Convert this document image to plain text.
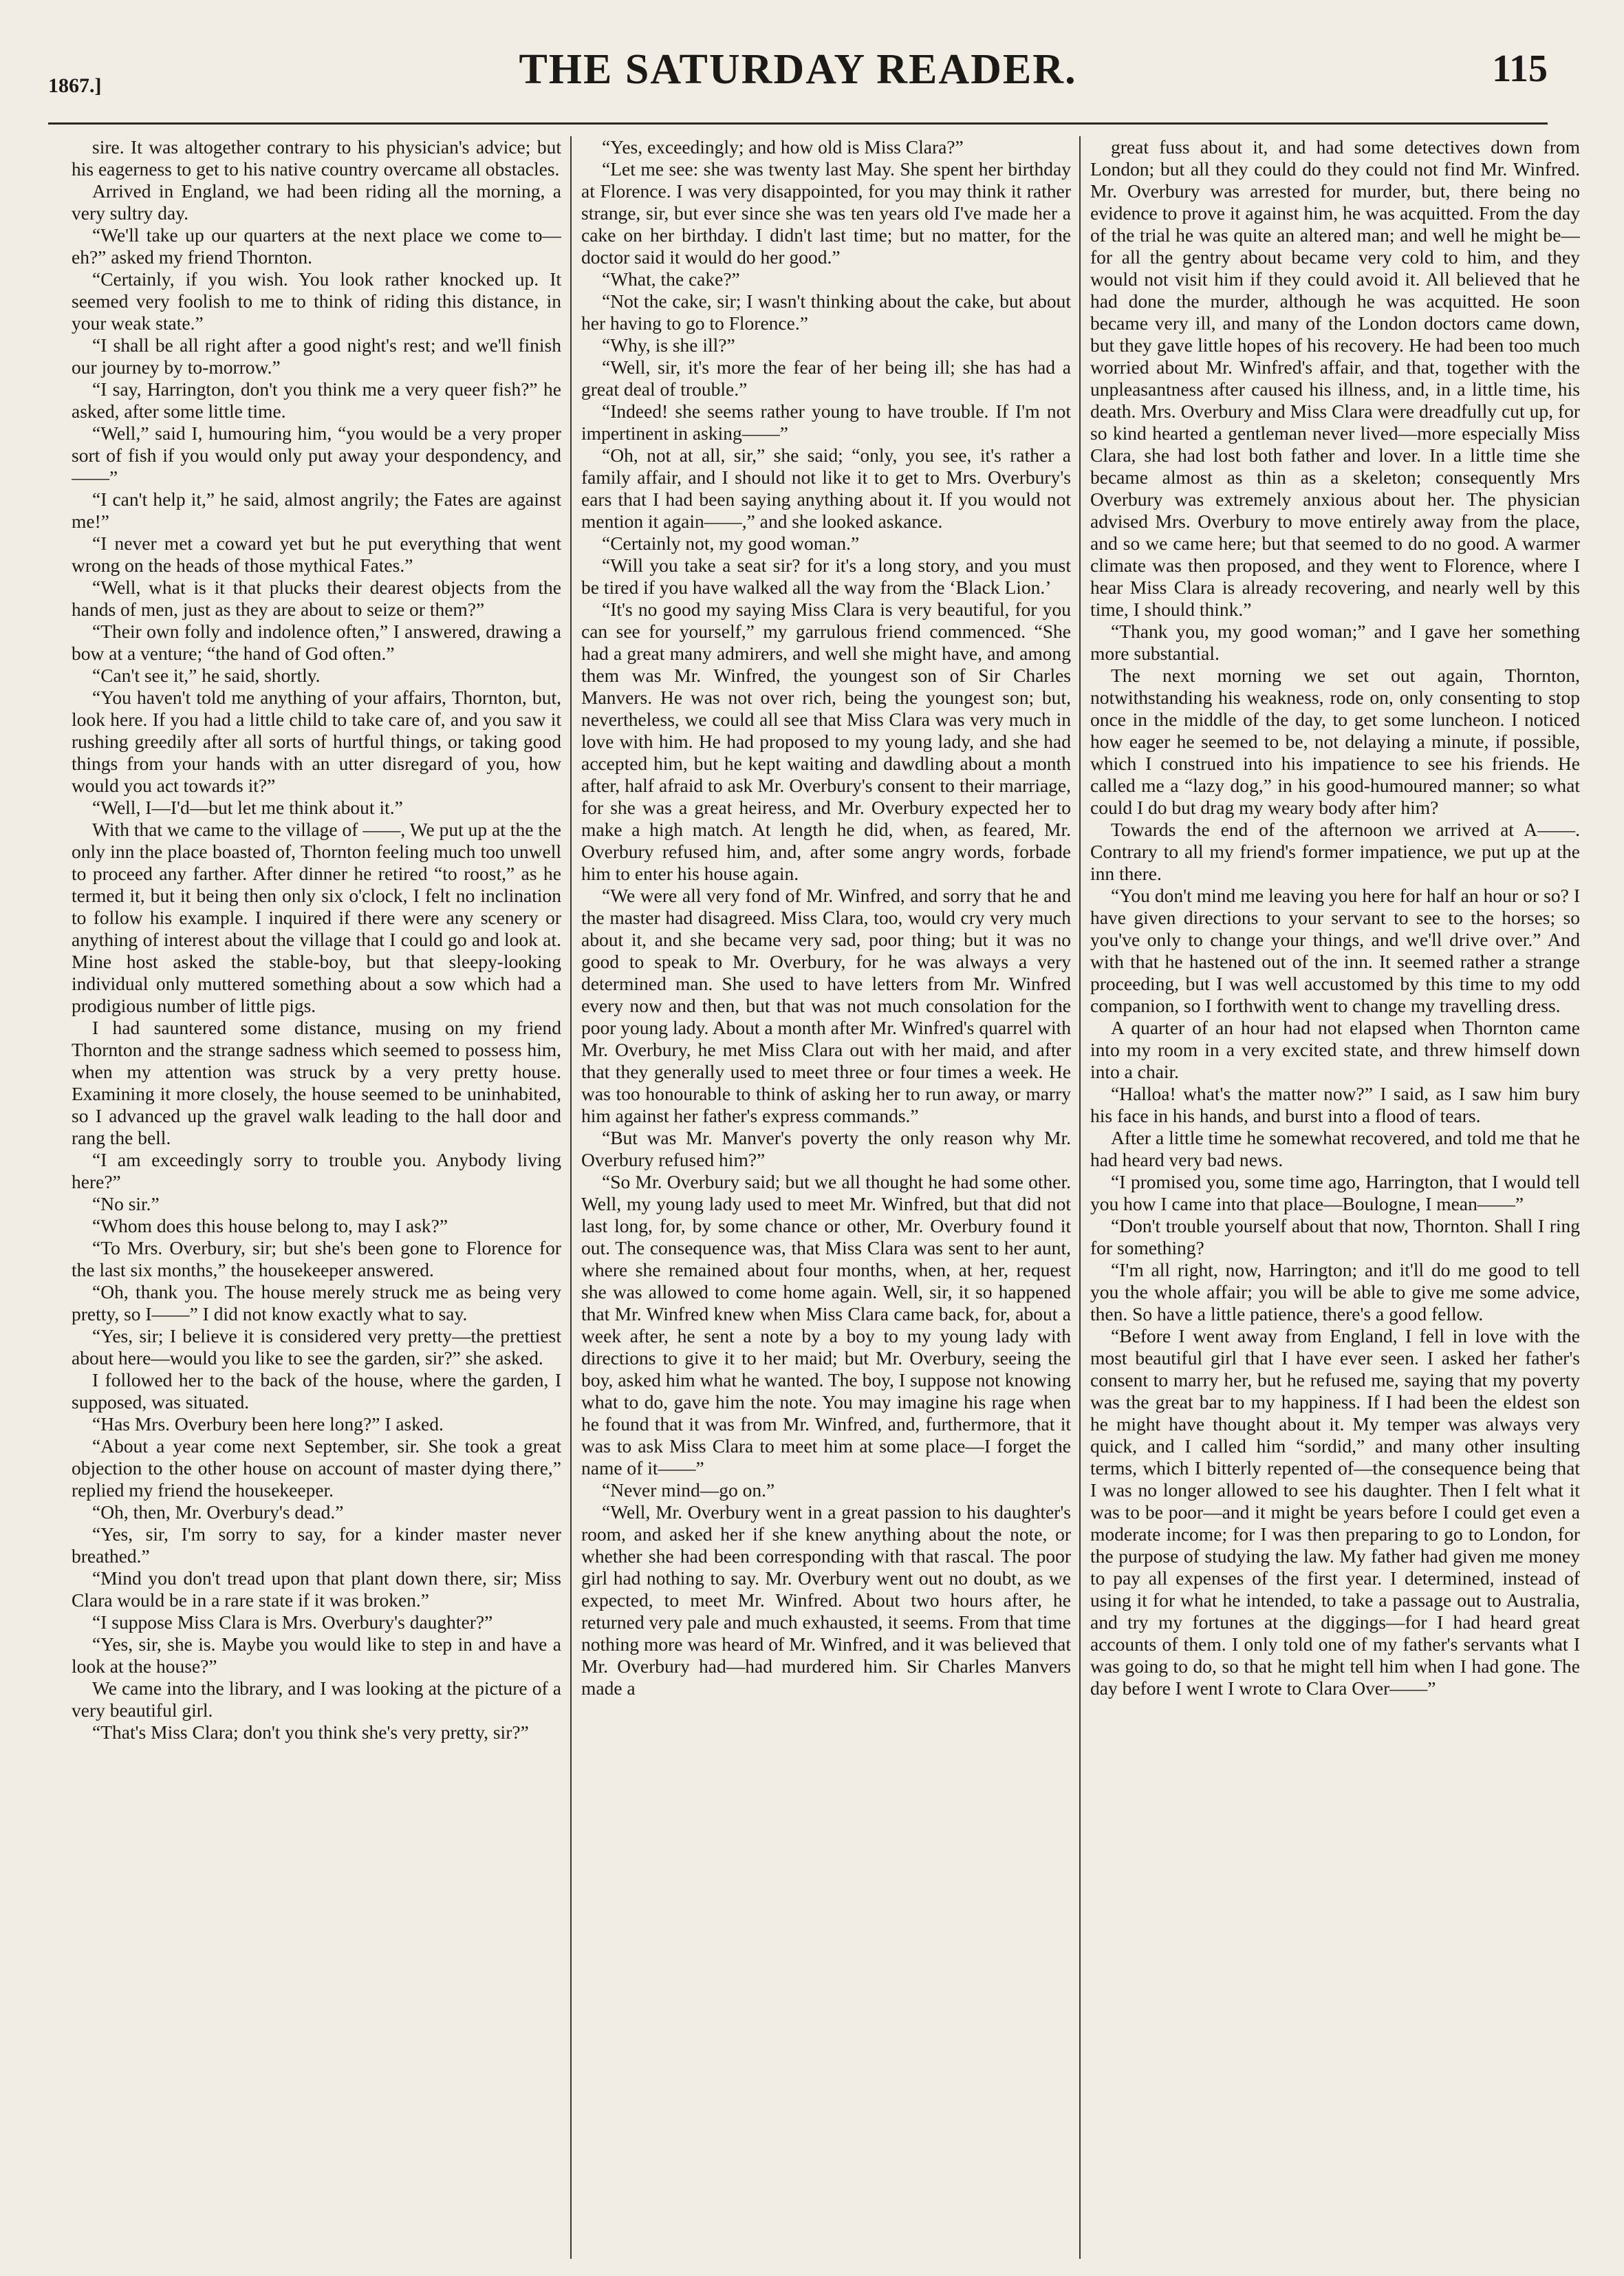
1867.]	THE SATURDAY READER.	115

sire. It was altogether contrary to his physician's advice; but his eagerness to get to his native country overcame all obstacles.

Arrived in England, we had been riding all the morning, a very sultry day.

“We'll take up our quarters at the next place we come to—eh?” asked my friend Thornton.

“Certainly, if you wish. You look rather knocked up. It seemed very foolish to me to think of riding this distance, in your weak state.”

“I shall be all right after a good night's rest; and we'll finish our journey by to-morrow.”

“I say, Harrington, don't you think me a very queer fish?” he asked, after some little time.

“Well,” said I, humouring him, “you would be a very proper sort of fish if you would only put away your despondency, and——”

“I can't help it,” he said, almost angrily; the Fates are against me!”

“I never met a coward yet but he put everything that went wrong on the heads of those mythical Fates.”

“Well, what is it that plucks their dearest objects from the hands of men, just as they are about to seize or them?”

“Their own folly and indolence often,” I answered, drawing a bow at a venture; “the hand of God often.”

“Can't see it,” he said, shortly.

“You haven't told me anything of your affairs, Thornton, but, look here. If you had a little child to take care of, and you saw it rushing greedily after all sorts of hurtful things, or taking good things from your hands with an utter disregard of you, how would you act towards it?”

“Well, I—I'd—but let me think about it.”

With that we came to the village of ——, We put up at the the only inn the place boasted of, Thornton feeling much too unwell to proceed any farther. After dinner he retired “to roost,” as he termed it, but it being then only six o'clock, I felt no inclination to follow his example. I inquired if there were any scenery or anything of interest about the village that I could go and look at. Mine host asked the stable-boy, but that sleepy-looking individual only muttered something about a sow which had a prodigious number of little pigs.

I had sauntered some distance, musing on my friend Thornton and the strange sadness which seemed to possess him, when my attention was struck by a very pretty house. Examining it more closely, the house seemed to be uninhabited, so I advanced up the gravel walk leading to the hall door and rang the bell.

“I am exceedingly sorry to trouble you. Anybody living here?”

“No sir.”

“Whom does this house belong to, may I ask?”

“To Mrs. Overbury, sir; but she's been gone to Florence for the last six months,” the housekeeper answered.

“Oh, thank you. The house merely struck me as being very pretty, so I——” I did not know exactly what to say.

“Yes, sir; I believe it is considered very pretty—the prettiest about here—would you like to see the garden, sir?” she asked.

I followed her to the back of the house, where the garden, I supposed, was situated.

“Has Mrs. Overbury been here long?” I asked.

“About a year come next September, sir. She took a great objection to the other house on account of master dying there,” replied my friend the housekeeper.

“Oh, then, Mr. Overbury's dead.”

“Yes, sir, I'm sorry to say, for a kinder master never breathed.”

“Mind you don't tread upon that plant down there, sir; Miss Clara would be in a rare state if it was broken.”

“I suppose Miss Clara is Mrs. Overbury's daughter?”

“Yes, sir, she is. Maybe you would like to step in and have a look at the house?”

We came into the library, and I was looking at the picture of a very beautiful girl.

“That's Miss Clara; don't you think she's very pretty, sir?”

“Yes, exceedingly; and how old is Miss Clara?”

“Let me see: she was twenty last May. She spent her birthday at Florence. I was very disappointed, for you may think it rather strange, sir, but ever since she was ten years old I've made her a cake on her birthday. I didn't last time; but no matter, for the doctor said it would do her good.”

“What, the cake?”

“Not the cake, sir; I wasn't thinking about the cake, but about her having to go to Florence.”

“Why, is she ill?”

“Well, sir, it's more the fear of her being ill; she has had a great deal of trouble.”

“Indeed! she seems rather young to have trouble. If I'm not impertinent in asking——”

“Oh, not at all, sir,” she said; “only, you see, it's rather a family affair, and I should not like it to get to Mrs. Overbury's ears that I had been saying anything about it. If you would not mention it again——,” and she looked askance.

“Certainly not, my good woman.”

“Will you take a seat sir? for it's a long story, and you must be tired if you have walked all the way from the ‘Black Lion.’

“It's no good my saying Miss Clara is very beautiful, for you can see for yourself,” my garrulous friend commenced. “She had a great many admirers, and well she might have, and among them was Mr. Winfred, the youngest son of Sir Charles Manvers. He was not over rich, being the youngest son; but, nevertheless, we could all see that Miss Clara was very much in love with him. He had proposed to my young lady, and she had accepted him, but he kept waiting and dawdling about a month after, half afraid to ask Mr. Overbury's consent to their marriage, for she was a great heiress, and Mr. Overbury expected her to make a high match. At length he did, when, as feared, Mr. Overbury refused him, and, after some angry words, forbade him to enter his house again.

“We were all very fond of Mr. Winfred, and sorry that he and the master had disagreed. Miss Clara, too, would cry very much about it, and she became very sad, poor thing; but it was no good to speak to Mr. Overbury, for he was always a very determined man. She used to have letters from Mr. Winfred every now and then, but that was not much consolation for the poor young lady. About a month after Mr. Winfred's quarrel with Mr. Overbury, he met Miss Clara out with her maid, and after that they generally used to meet three or four times a week. He was too honourable to think of asking her to run away, or marry him against her father's express commands.”

“But was Mr. Manver's poverty the only reason why Mr. Overbury refused him?”

“So Mr. Overbury said; but we all thought he had some other. Well, my young lady used to meet Mr. Winfred, but that did not last long, for, by some chance or other, Mr. Overbury found it out. The consequence was, that Miss Clara was sent to her aunt, where she remained about four months, when, at her, request she was allowed to come home again. Well, sir, it so happened that Mr. Winfred knew when Miss Clara came back, for, about a week after, he sent a note by a boy to my young lady with directions to give it to her maid; but Mr. Overbury, seeing the boy, asked him what he wanted. The boy, I suppose not knowing what to do, gave him the note. You may imagine his rage when he found that it was from Mr. Winfred, and, furthermore, that it was to ask Miss Clara to meet him at some place—I forget the name of it——”

“Never mind—go on.”

“Well, Mr. Overbury went in a great passion to his daughter's room, and asked her if she knew anything about the note, or whether she had been corresponding with that rascal. The poor girl had nothing to say. Mr. Overbury went out no doubt, as we expected, to meet Mr. Winfred. About two hours after, he returned very pale and much exhausted, it seems. From that time nothing more was heard of Mr. Winfred, and it was believed that Mr. Overbury had—had murdered him. Sir Charles Manvers made a

great fuss about it, and had some detectives down from London; but all they could do they could not find Mr. Winfred. Mr. Overbury was arrested for murder, but, there being no evidence to prove it against him, he was acquitted. From the day of the trial he was quite an altered man; and well he might be—for all the gentry about became very cold to him, and they would not visit him if they could avoid it. All believed that he had done the murder, although he was acquitted. He soon became very ill, and many of the London doctors came down, but they gave little hopes of his recovery. He had been too much worried about Mr. Winfred's affair, and that, together with the unpleasantness after caused his illness, and, in a little time, his death. Mrs. Overbury and Miss Clara were dreadfully cut up, for so kind hearted a gentleman never lived—more especially Miss Clara, she had lost both father and lover. In a little time she became almost as thin as a skeleton; consequently Mrs Overbury was extremely anxious about her. The physician advised Mrs. Overbury to move entirely away from the place, and so we came here; but that seemed to do no good. A warmer climate was then proposed, and they went to Florence, where I hear Miss Clara is already recovering, and nearly well by this time, I should think.”

“Thank you, my good woman;” and I gave her something more substantial.

The next morning we set out again, Thornton, notwithstanding his weakness, rode on, only consenting to stop once in the middle of the day, to get some luncheon. I noticed how eager he seemed to be, not delaying a minute, if possible, which I construed into his impatience to see his friends. He called me a “lazy dog,” in his good-humoured manner; so what could I do but drag my weary body after him?

Towards the end of the afternoon we arrived at A——. Contrary to all my friend's former impatience, we put up at the inn there.

“You don't mind me leaving you here for half an hour or so? I have given directions to your servant to see to the horses; so you've only to change your things, and we'll drive over.” And with that he hastened out of the inn. It seemed rather a strange proceeding, but I was well accustomed by this time to my odd companion, so I forthwith went to change my travelling dress.

A quarter of an hour had not elapsed when Thornton came into my room in a very excited state, and threw himself down into a chair.

“Halloa! what's the matter now?” I said, as I saw him bury his face in his hands, and burst into a flood of tears.

After a little time he somewhat recovered, and told me that he had heard very bad news.

“I promised you, some time ago, Harrington, that I would tell you how I came into that place—Boulogne, I mean——”

“Don't trouble yourself about that now, Thornton. Shall I ring for something?

“I'm all right, now, Harrington; and it'll do me good to tell you the whole affair; you will be able to give me some advice, then. So have a little patience, there's a good fellow.

“Before I went away from England, I fell in love with the most beautiful girl that I have ever seen. I asked her father's consent to marry her, but he refused me, saying that my poverty was the great bar to my happiness. If I had been the eldest son he might have thought about it. My temper was always very quick, and I called him “sordid,” and many other insulting terms, which I bitterly repented of—the consequence being that I was no longer allowed to see his daughter. Then I felt what it was to be poor—and it might be years before I could get even a moderate income; for I was then preparing to go to London, for the purpose of studying the law. My father had given me money to pay all expenses of the first year. I determined, instead of using it for what he intended, to take a passage out to Australia, and try my fortunes at the diggings—for I had heard great accounts of them. I only told one of my father's servants what I was going to do, so that he might tell him when I had gone. The day before I went I wrote to Clara Over——”
